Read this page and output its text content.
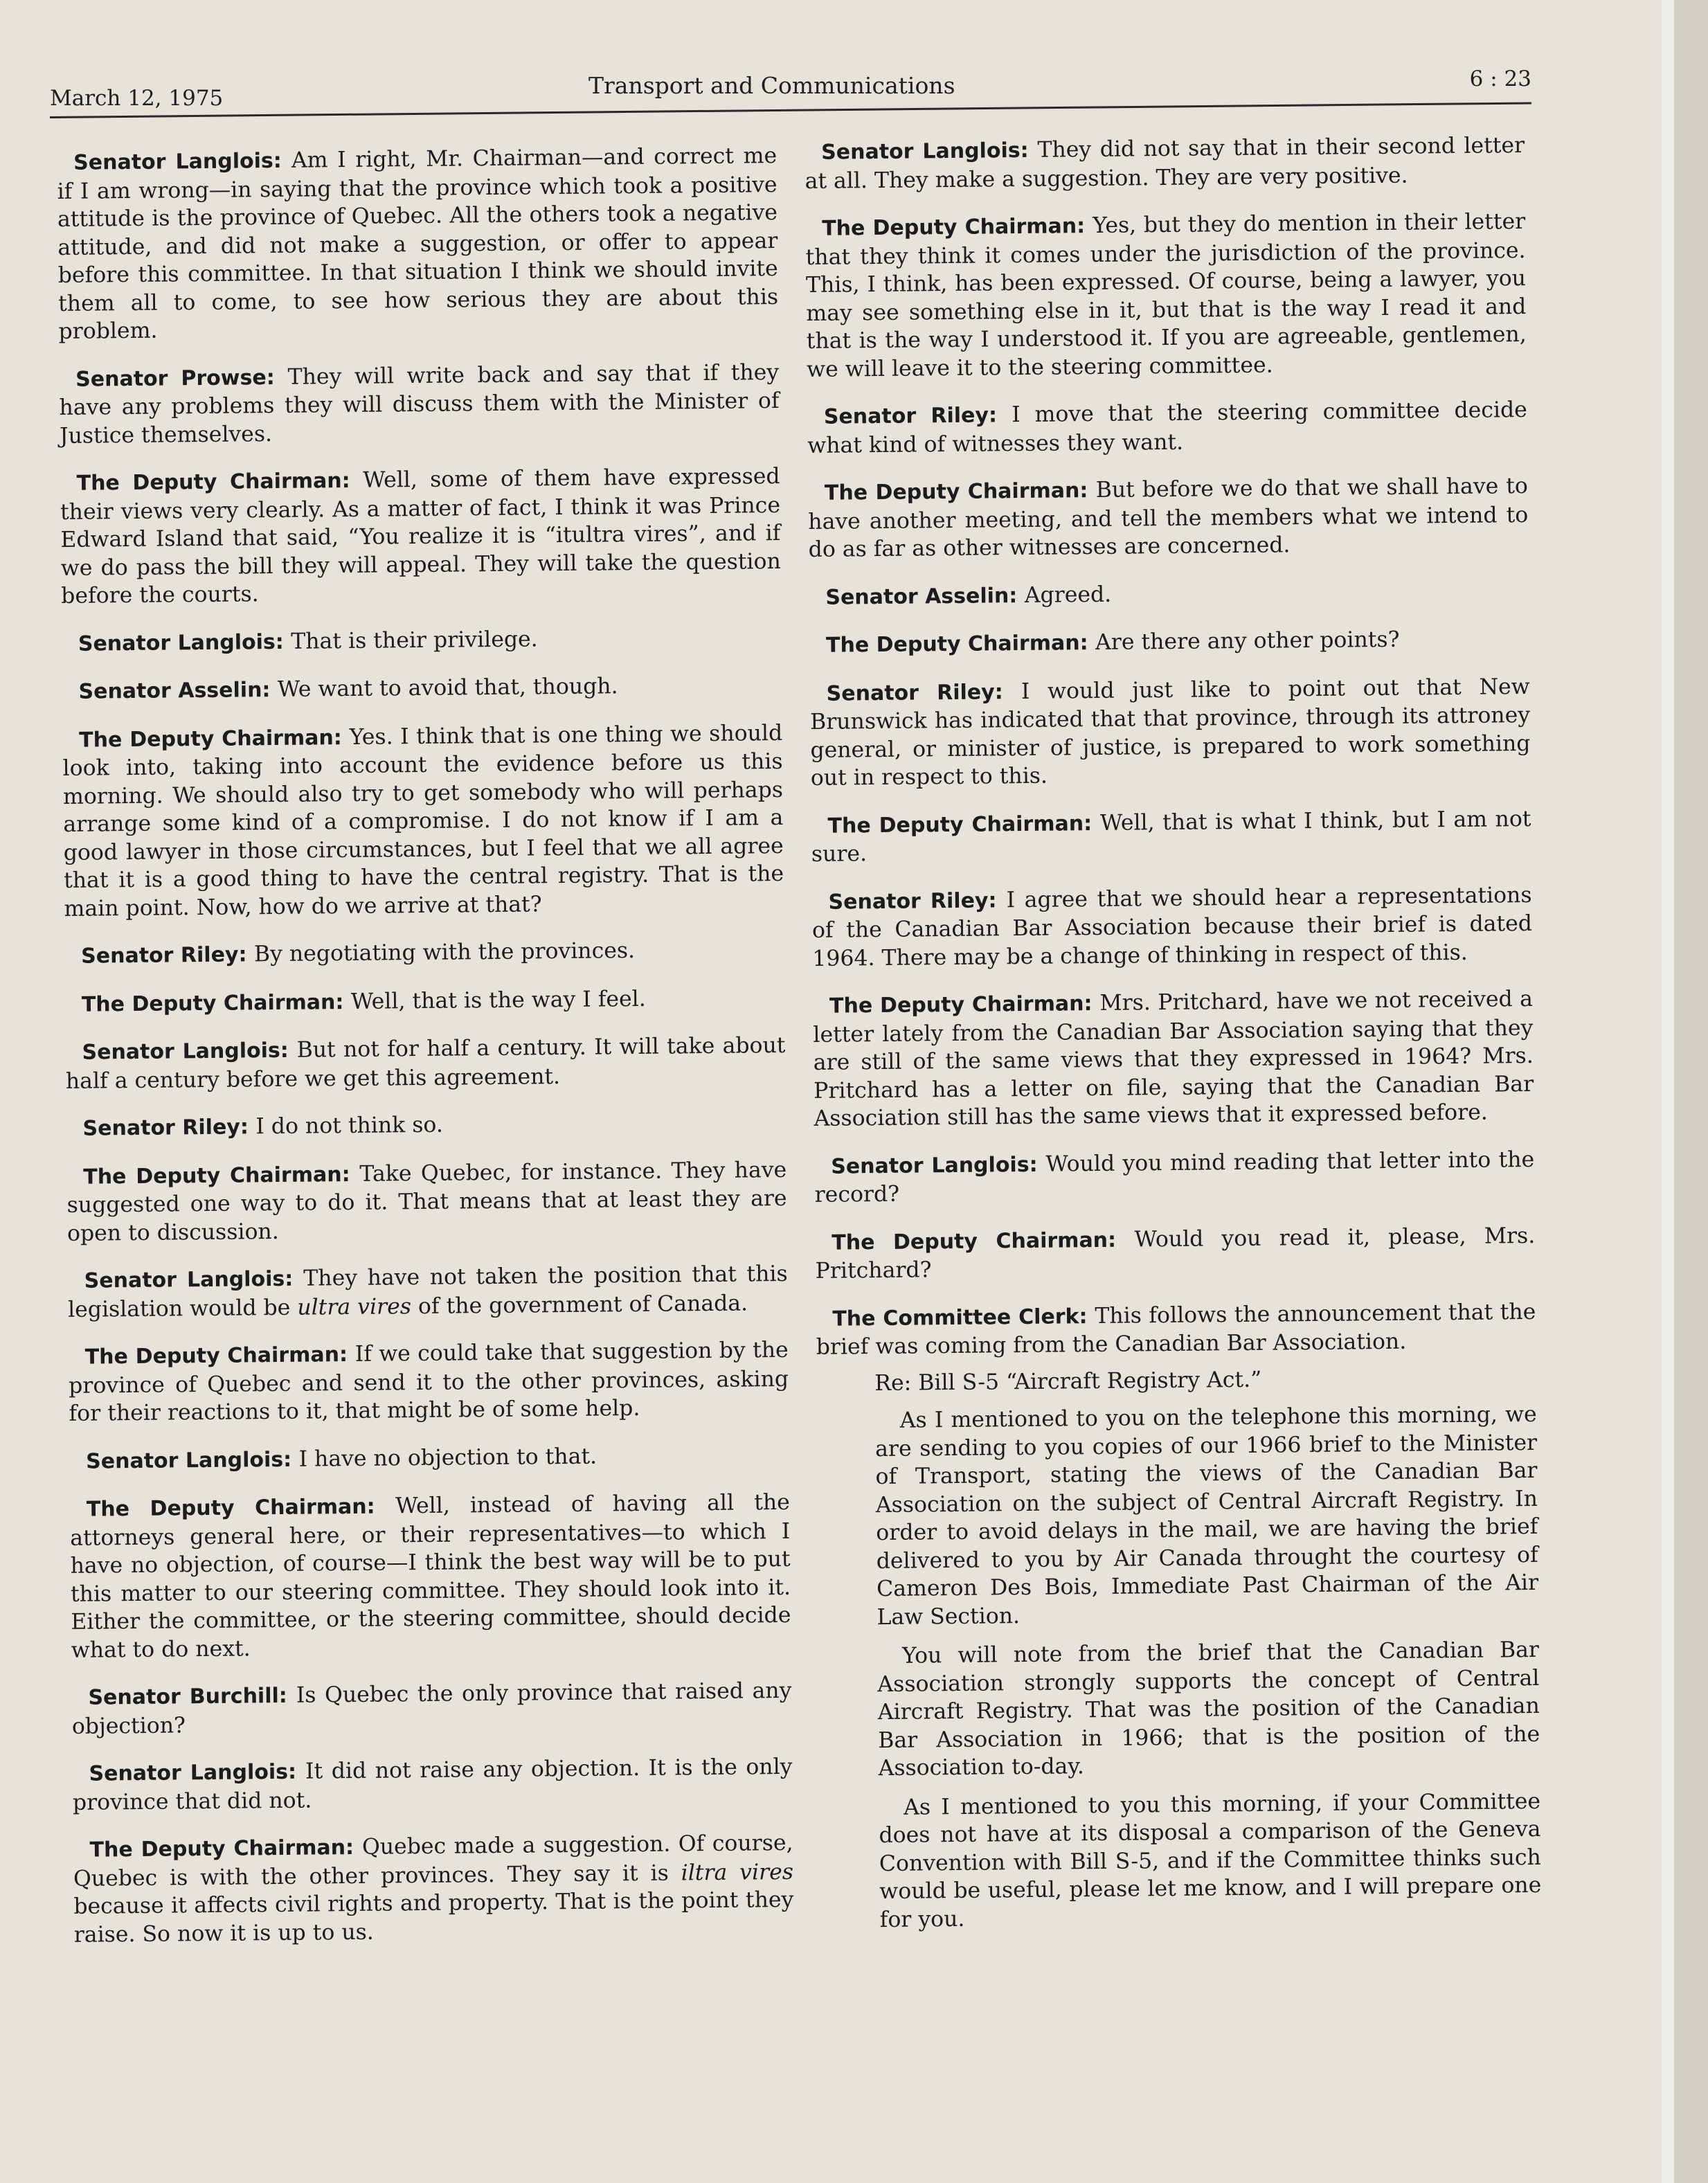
March 12, 1975	Transport and Communications	6 : 23

Senator Langlois: Am I right, Mr. Chairman—and correct me if I am wrong—in saying that the province which took a positive attitude is the province of Quebec. All the others took a negative attitude, and did not make a suggestion, or offer to appear before this committee. In that situation I think we should invite them all to come, to see how serious they are about this problem.

Senator Prowse: They will write back and say that if they have any problems they will discuss them with the Minister of Justice themselves.

The Deputy Chairman: Well, some of them have expressed their views very clearly. As a matter of fact, I think it was Prince Edward Island that said, “You realize it is “itultra vires”, and if we do pass the bill they will appeal. They will take the question before the courts.

Senator Langlois: That is their privilege.

Senator Asselin: We want to avoid that, though.

The Deputy Chairman: Yes. I think that is one thing we should look into, taking into account the evidence before us this morning. We should also try to get somebody who will perhaps arrange some kind of a compromise. I do not know if I am a good lawyer in those circumstances, but I feel that we all agree that it is a good thing to have the central registry. That is the main point. Now, how do we arrive at that?

Senator Riley: By negotiating with the provinces.

The Deputy Chairman: Well, that is the way I feel.

Senator Langlois: But not for half a century. It will take about half a century before we get this agreement.

Senator Riley: I do not think so.

The Deputy Chairman: Take Quebec, for instance. They have suggested one way to do it. That means that at least they are open to discussion.

Senator Langlois: They have not taken the position that this legislation would be ultra vires of the government of Canada.

The Deputy Chairman: If we could take that suggestion by the province of Quebec and send it to the other provinces, asking for their reactions to it, that might be of some help.

Senator Langlois: I have no objection to that.

The Deputy Chairman: Well, instead of having all the attorneys general here, or their representatives—to which I have no objection, of course—I think the best way will be to put this matter to our steering committee. They should look into it. Either the committee, or the steering committee, should decide what to do next.

Senator Burchill: Is Quebec the only province that raised any objection?

Senator Langlois: It did not raise any objection. It is the only province that did not.

The Deputy Chairman: Quebec made a suggestion. Of course, Quebec is with the other provinces. They say it is iltra vires because it affects civil rights and property. That is the point they raise. So now it is up to us.

Senator Langlois: They did not say that in their second letter at all. They make a suggestion. They are very positive.

The Deputy Chairman: Yes, but they do mention in their letter that they think it comes under the jurisdiction of the province. This, I think, has been expressed. Of course, being a lawyer, you may see something else in it, but that is the way I read it and that is the way I understood it. If you are agreeable, gentlemen, we will leave it to the steering committee.

Senator Riley: I move that the steering committee decide what kind of witnesses they want.

The Deputy Chairman: But before we do that we shall have to have another meeting, and tell the members what we intend to do as far as other witnesses are concerned.

Senator Asselin: Agreed.

The Deputy Chairman: Are there any other points?

Senator Riley: I would just like to point out that New Brunswick has indicated that that province, through its attroney general, or minister of justice, is prepared to work something out in respect to this.

The Deputy Chairman: Well, that is what I think, but I am not sure.

Senator Riley: I agree that we should hear a representations of the Canadian Bar Association because their brief is dated 1964. There may be a change of thinking in respect of this.

The Deputy Chairman: Mrs. Pritchard, have we not received a letter lately from the Canadian Bar Association saying that they are still of the same views that they expressed in 1964? Mrs. Pritchard has a letter on file, saying that the Canadian Bar Association still has the same views that it expressed before.

Senator Langlois: Would you mind reading that letter into the record?

The Deputy Chairman: Would you read it, please, Mrs. Pritchard?

The Committee Clerk: This follows the announcement that the brief was coming from the Canadian Bar Association.

Re: Bill S-5 “Aircraft Registry Act.”

As I mentioned to you on the telephone this morning, we are sending to you copies of our 1966 brief to the Minister of Transport, stating the views of the Canadian Bar Association on the subject of Central Aircraft Registry. In order to avoid delays in the mail, we are having the brief delivered to you by Air Canada throught the courtesy of Cameron Des Bois, Immediate Past Chairman of the Air Law Section.

You will note from the brief that the Canadian Bar Association strongly supports the concept of Central Aircraft Registry. That was the position of the Canadian Bar Association in 1966; that is the position of the Association to-day.

As I mentioned to you this morning, if your Committee does not have at its disposal a comparison of the Geneva Convention with Bill S-5, and if the Committee thinks such would be useful, please let me know, and I will prepare one for you.
